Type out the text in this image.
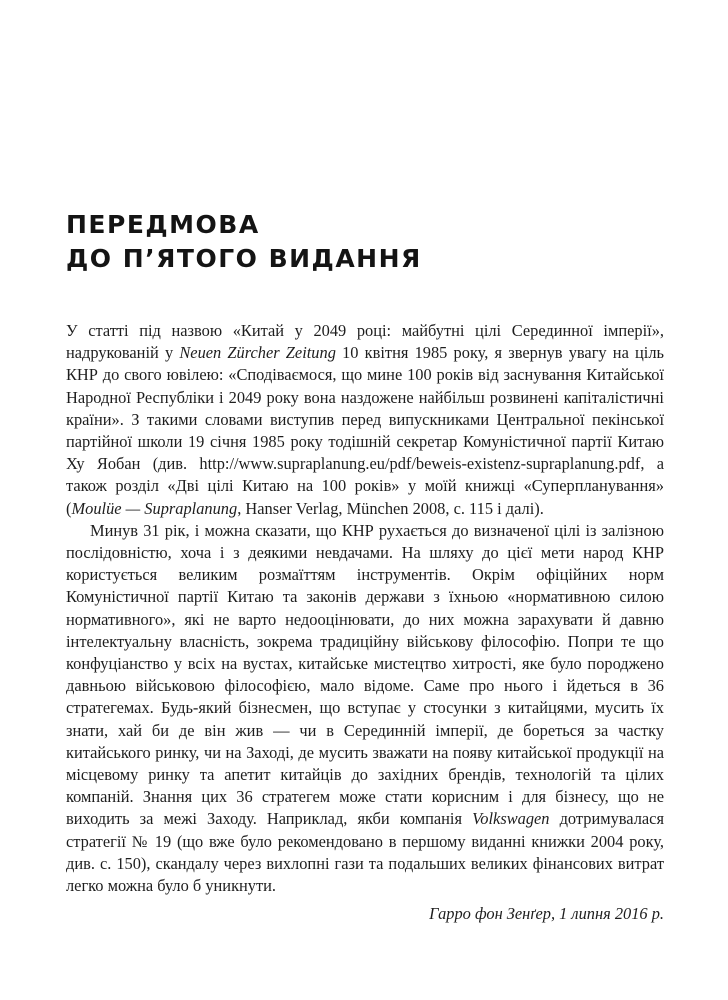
ПЕРЕДМОВА
ДО П’ЯТОГО ВИДАННЯ

У статті під назвою «Китай у 2049 році: майбутні цілі Серединної імперії», надрукованій у Neuen Zürcher Zeitung 10 квітня 1985 року, я звернув увагу на ціль КНР до свого ювілею: «Сподіваємося, що мине 100 років від заснування Китайської Народної Республіки і 2049 року вона наздожене найбільш розвинені капіталістичні країни». З такими словами виступив перед випускниками Центральної пекінської партійної школи 19 січня 1985 року тодішній секретар Комуністичної партії Китаю Ху Яобан (див. http://www.supraplanung.eu/pdf/beweis-existenz-supraplanung.pdf, а також розділ «Дві цілі Китаю на 100 років» у моїй книжці «Суперпланування» (Moulüe — Supraplanung, Hanser Verlag, München 2008, с. 115 і далі).

Минув 31 рік, і можна сказати, що КНР рухається до визначеної цілі із залізною послідовністю, хоча і з деякими невдачами. На шляху до цієї мети народ КНР користується великим розмаїттям інструментів. Окрім офіційних норм Комуністичної партії Китаю та законів держави з їхньою «нормативною силою нормативного», які не варто недооцінювати, до них можна зарахувати й давню інтелектуальну власність, зокрема традиційну військову філософію. Попри те що конфуціанство у всіх на вустах, китайське мистецтво хитрості, яке було породжено давньою військовою філософією, мало відоме. Саме про нього і йдеться в 36 стратегемах. Будь-який бізнесмен, що вступає у стосунки з китайцями, мусить їх знати, хай би де він жив — чи в Серединній імперії, де бореться за частку китайського ринку, чи на Заході, де мусить зважати на появу китайської продукції на місцевому ринку та апетит китайців до західних брендів, технологій та цілих компаній. Знання цих 36 стратегем може стати корисним і для бізнесу, що не виходить за межі Заходу. Наприклад, якби компанія Volkswagen дотримувалася стратегії № 19 (що вже було рекомендовано в першому виданні книжки 2004 року, див. с. 150), скандалу через вихлопні гази та подальших великих фінансових витрат легко можна було б уникнути.

Гарро фон Зенґер, 1 липня 2016 р.
